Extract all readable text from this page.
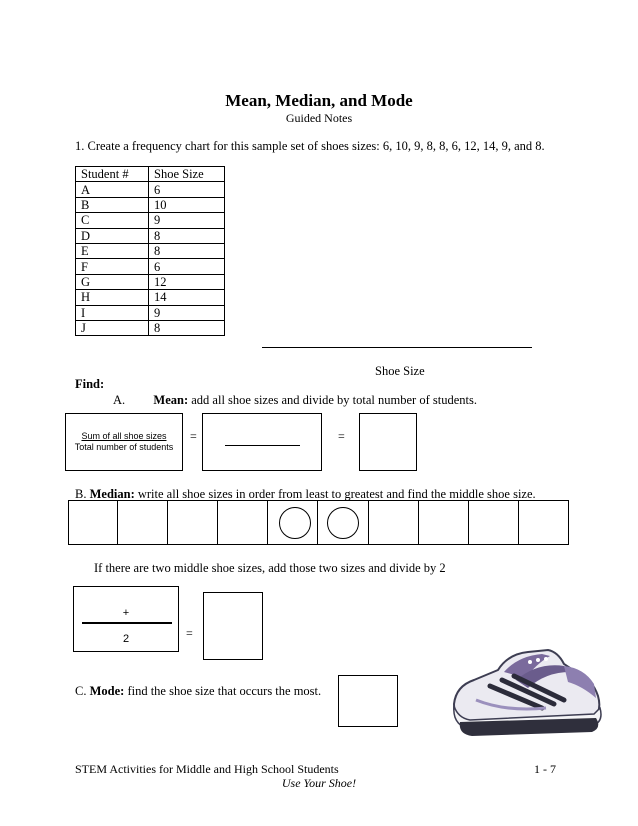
Mean, Median, and Mode
Guided Notes
1. Create a frequency chart for this sample set of shoes sizes: 6, 10, 9, 8, 8, 6, 12, 14, 9, and 8.
Student #	Shoe Size
A	6
B	10
C	9
D	8
E	8
F	6
G	12
H	14
I	9
J	8
Shoe Size
Find:
A. Mean: add all shoe sizes and divide by total number of students.
Sum of all shoe sizes
Total number of students
=	=
B. Median: write all shoe sizes in order from least to greatest and find the middle shoe size.
If there are two middle shoe sizes, add those two sizes and divide by 2
+
2	=
C. Mode: find the shoe size that occurs the most.
STEM Activities for Middle and High School Students	1 - 7
Use Your Shoe!
